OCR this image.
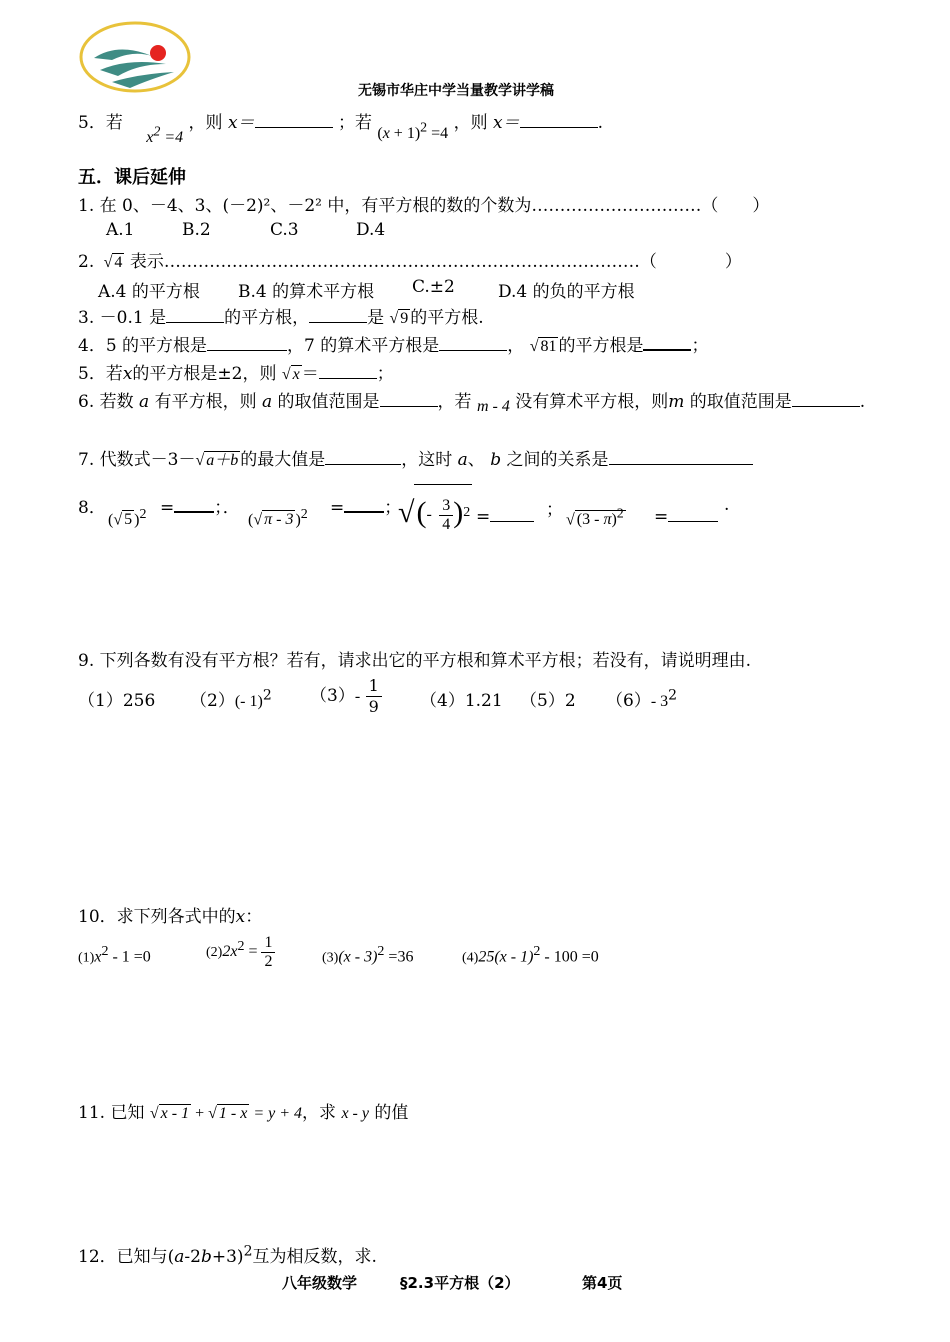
无锡市华庄中学当量教学讲学稿
5．若 $x^2 =4$ ，则 x＝	；若 $(x + 1)^2 =4$ ，则 x＝	.
五．课后延伸
1. 在 0、－4、3、(－2)²、－2² 中，有平方根的数的个数为…………………………（　　）
A.1	B.2	C.3	D.4
2. √ 4 表示…………………………………………………………………………（　　　　）
A.4 的平方根 B.4 的算术平方根 C.±2	D.4 的负的平方根
3. －0.1 是	的平方根，	是 √ 9 的平方根.
4．5 的平方根是	，7 的算术平方根是	， √ 81 的平方根是	；
5．若x的平方根是±2，则 √ x ＝	；
6. 若数 a 有平方根，则 a 的取值范围是	，若 m - 4 没有算术平方根，则m 的取值范围是	.
7. 代数式－3－√ a＋b 的最大值是	，这时 a、 b 之间的关系是
8．
(√ 5 )$^2$ = ；．
(√ π - 3 )$^2$ = ；
√(- $\frac{3}{4} )^2$ =	； √ (3 - π)$^2$ =
.
9. 下列各数有没有平方根？若有，请求出它的平方根和算术平方根；若没有，请说明理由.
（1）256 （2）(- 1)$^2$ $(3)- \frac{1}{9} (4)1.21$ （5）2 （6）- $3^2$
10．求下列各式中的x：
$(1)x^2 - 1 =0$	$(2)2x^2 = \frac{1}{2}$	(3)(x - 3)$^2$ =36	(4)25(x - 1)$^2$ - 100 =0
11. 已知 √ x - 1 + √ 1 - x = y + 4，求 x - y 的值
12．已知与$(a-2b+3)^2$互为相反数，求.
八年级数学	§2.3平方根（2）	第4页
